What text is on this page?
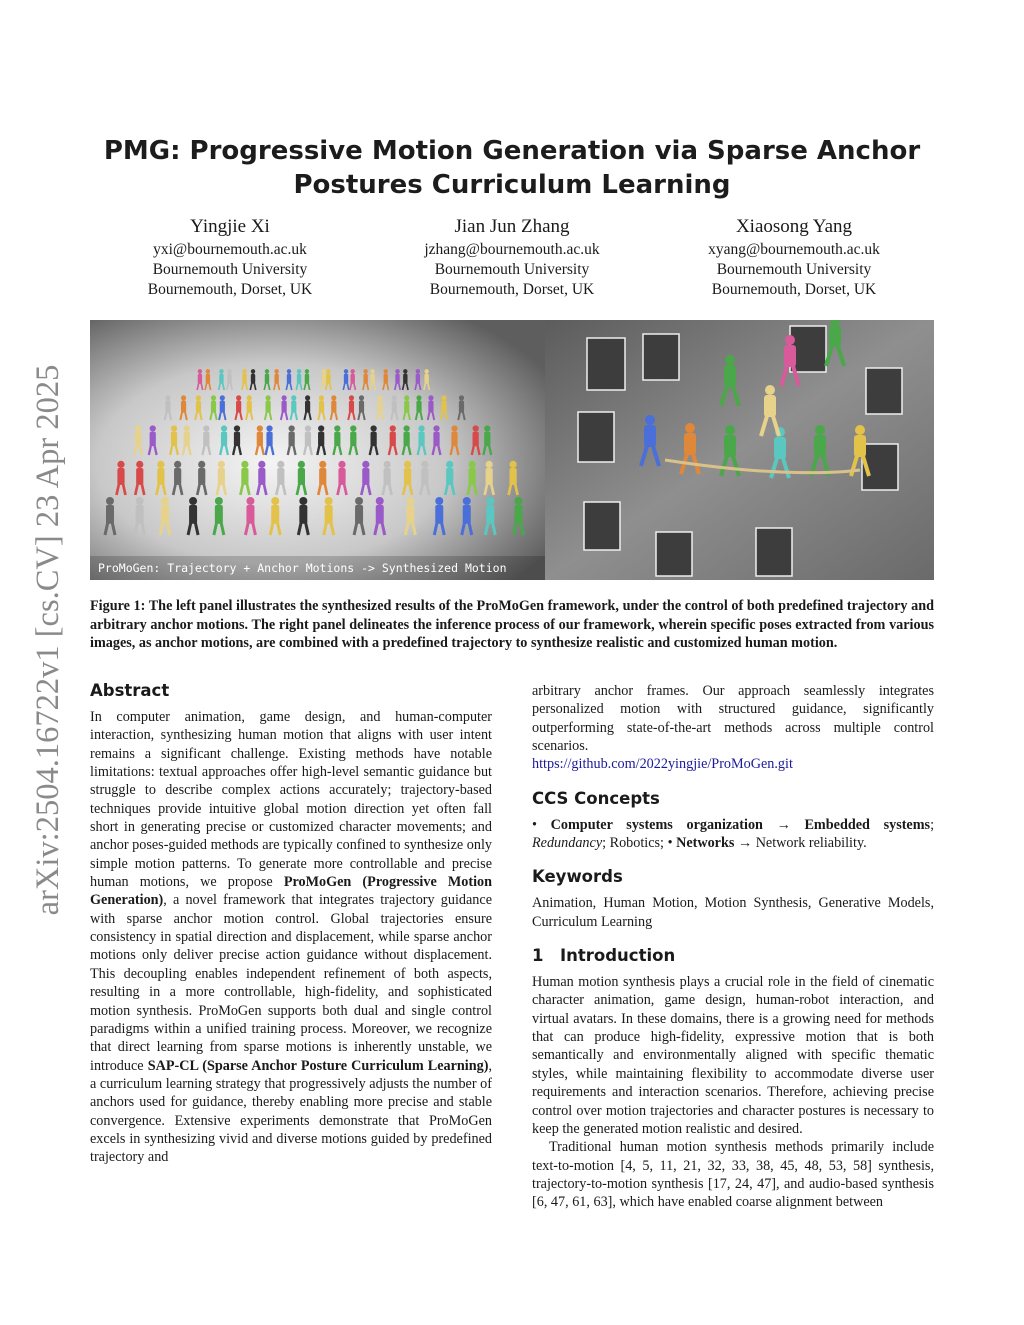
arXiv:2504.16722v1 [cs.CV] 23 Apr 2025
PMG: Progressive Motion Generation via Sparse Anchor Postures Curriculum Learning
Yingjie Xi
yxi@bournemouth.ac.uk
Bournemouth University
Bournemouth, Dorset, UK
Jian Jun Zhang
jzhang@bournemouth.ac.uk
Bournemouth University
Bournemouth, Dorset, UK
Xiaosong Yang
xyang@bournemouth.ac.uk
Bournemouth University
Bournemouth, Dorset, UK
ProMoGen: Trajectory + Anchor Motions -> Synthesized Motion

Figure 1: The left panel illustrates the synthesized results of the ProMoGen framework, under the control of both predefined trajectory and arbitrary anchor motions. The right panel delineates the inference process of our framework, wherein specific poses extracted from various images, as anchor motions, are combined with a predefined trajectory to synthesize realistic and customized human motion.

Abstract

In computer animation, game design, and human-computer interaction, synthesizing human motion that aligns with user intent remains a significant challenge. Existing methods have notable limitations: textual approaches offer high-level semantic guidance but struggle to describe complex actions accurately; trajectory-based techniques provide intuitive global motion direction yet often fall short in generating precise or customized character movements; and anchor poses-guided methods are typically confined to synthesize only simple motion patterns. To generate more controllable and precise human motions, we propose ProMoGen (Progressive Motion Generation), a novel framework that integrates trajectory guidance with sparse anchor motion control. Global trajectories ensure consistency in spatial direction and displacement, while sparse anchor motions only deliver precise action guidance without displacement. This decoupling enables independent refinement of both aspects, resulting in a more controllable, high-fidelity, and sophisticated motion synthesis. ProMoGen supports both dual and single control paradigms within a unified training process. Moreover, we recognize that direct learning from sparse motions is inherently unstable, we introduce SAP-CL (Sparse Anchor Posture Curriculum Learning), a curriculum learning strategy that progressively adjusts the number of anchors used for guidance, thereby enabling more precise and stable convergence. Extensive experiments demonstrate that ProMoGen excels in synthesizing vivid and diverse motions guided by predefined trajectory and

arbitrary anchor frames. Our approach seamlessly integrates personalized motion with structured guidance, significantly outperforming state-of-the-art methods across multiple control scenarios.

https://github.com/2022yingjie/ProMoGen.git

CCS Concepts

• Computer systems organization → Embedded systems; Redundancy; Robotics; • Networks → Network reliability.

Keywords

Animation, Human Motion, Motion Synthesis, Generative Models, Curriculum Learning

1 Introduction

Human motion synthesis plays a crucial role in the field of cinematic character animation, game design, human-robot interaction, and virtual avatars. In these domains, there is a growing need for methods that can produce high-fidelity, expressive motion that is both semantically and environmentally aligned with specific thematic styles, while maintaining flexibility to accommodate diverse user requirements and interaction scenarios. Therefore, achieving precise control over motion trajectories and character postures is necessary to keep the generated motion realistic and desired.

Traditional human motion synthesis methods primarily include text-to-motion [4, 5, 11, 21, 32, 33, 38, 45, 48, 53, 58] synthesis, trajectory-to-motion synthesis [17, 24, 47], and audio-based synthesis [6, 47, 61, 63], which have enabled coarse alignment between
